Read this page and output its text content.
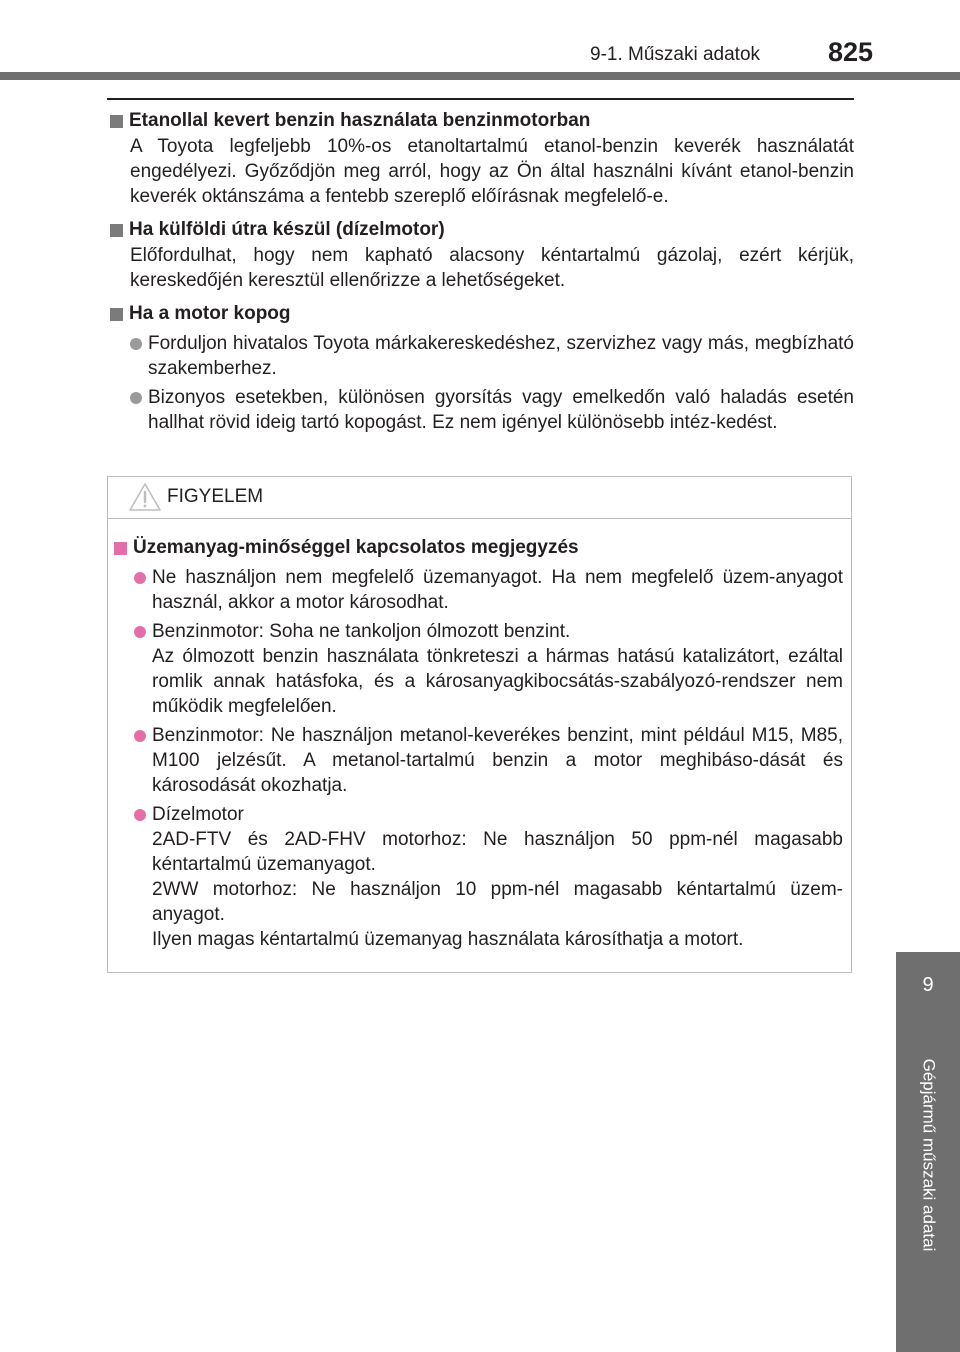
9-1. Műszaki adatok	825
9
Gépjármű műszaki adatai
Etanollal kevert benzin használata benzinmotorban
A Toyota legfeljebb 10%-os etanoltartalmú etanol-benzin keverék használatát engedélyezi. Győződjön meg arról, hogy az Ön által használni kívánt etanol-benzin keverék oktánszáma a fentebb szereplő előírásnak megfelelő-e.
Ha külföldi útra készül (dízelmotor)
Előfordulhat, hogy nem kapható alacsony kéntartalmú gázolaj, ezért kérjük, kereskedőjén keresztül ellenőrizze a lehetőségeket.
Ha a motor kopog
Forduljon hivatalos Toyota márkakereskedéshez, szervizhez vagy más, megbízható szakemberhez.
Bizonyos esetekben, különösen gyorsítás vagy emelkedőn való haladás esetén hallhat rövid ideig tartó kopogást. Ez nem igényel különösebb intéz-kedést.
FIGYELEM
Üzemanyag-minőséggel kapcsolatos megjegyzés
Ne használjon nem megfelelő üzemanyagot. Ha nem megfelelő üzem-anyagot használ, akkor a motor károsodhat.
Benzinmotor: Soha ne tankoljon ólmozott benzint.
Az ólmozott benzin használata tönkreteszi a hármas hatású katalizátort, ezáltal romlik annak hatásfoka, és a károsanyagkibocsátás-szabályozó-rendszer nem működik megfelelően.
Benzinmotor: Ne használjon metanol-keverékes benzint, mint például M15, M85, M100 jelzésűt. A metanol-tartalmú benzin a motor meghibáso-dását és károsodását okozhatja.
Dízelmotor
2AD-FTV és 2AD-FHV motorhoz: Ne használjon 50 ppm-nél magasabb kéntartalmú üzemanyagot.
2WW motorhoz: Ne használjon 10 ppm-nél magasabb kéntartalmú üzem-anyagot.
Ilyen magas kéntartalmú üzemanyag használata károsíthatja a motort.
